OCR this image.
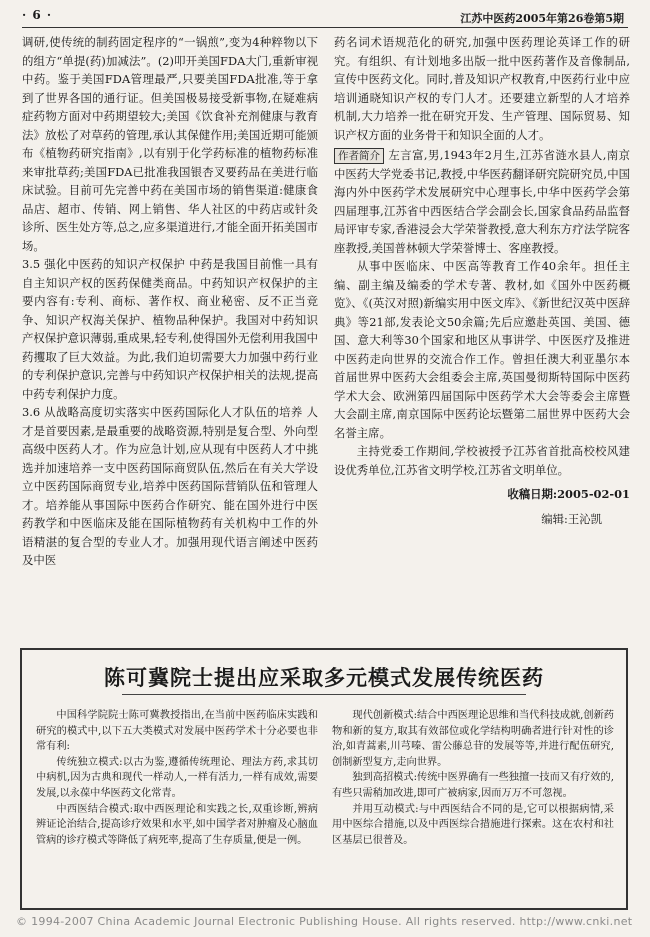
· 6 ·	江苏中医药2005年第26卷第5期

调研,使传统的制药固定程序的“一锅煎”,变为4种粹物以下的组方“单提(药)加减法”。(2)叩开美国FDA大门,重新审视中药。鉴于美国FDA管理最严,只要美国FDA批准,等于拿到了世界各国的通行证。但美国极易接受新事物,在疑难病症药物方面对中药期望较大;美国《饮食补充剂健康与教育法》放松了对草药的管理,承认其保健作用;美国近期可能颁布《植物药研究指南》,以有别于化学药标准的植物药标准来审批草药;美国FDA已批准我国银杏叉要药品在美进行临床试验。目前可先完善中药在美国市场的销售渠道:健康食品店、超市、传销、网上销售、华人社区的中药店或针灸诊所、医生处方等,总之,应多渠道进行,才能全面开拓美国市场。

3.5 强化中医药的知识产权保护 中药是我国目前惟一具有自主知识产权的医药保健类商品。中药知识产权保护的主要内容有:专利、商标、著作权、商业秘密、反不正当竞争、知识产权海关保护、植物品种保护。我国对中药知识产权保护意识薄弱,重成果,轻专利,使得国外无偿利用我国中药攫取了巨大效益。为此,我们迫切需要大力加强中药行业的专利保护意识,完善与中药知识产权保护相关的法规,提高中药专利保护力度。

3.6 从战略高度切实落实中医药国际化人才队伍的培养 人才是首要因素,是最重要的战略资源,特别是复合型、外向型高级中医药人才。作为应急计划,应从现有中医药人才中挑选并加速培养一支中医药国际商贸队伍,然后在有关大学设立中医药国际商贸专业,培养中医药国际营销队伍和管理人才。培养能从事国际中医药合作研究、能在国外进行中医药教学和中医临床及能在国际植物药有关机构中工作的外语精湛的复合型的专业人才。加强用现代语言阐述中医药及中医

药名词术语规范化的研究,加强中医药理论英译工作的研究。有组织、有计划地多出版一批中医药著作及音像制品,宣传中医药文化。同时,普及知识产权教育,中医药行业中应培训通晓知识产权的专门人才。还要建立新型的人才培养机制,大力培养一批在研究开发、生产管理、国际贸易、知识产权方面的业务骨干和知识全面的人才。

作者简介 左言富,男,1943年2月生,江苏省涟水县人,南京中医药大学党委书记,教授,中华医药翻译研究院研究员,中国海内外中医药学术发展研究中心理事长,中华中医药学会第四届理事,江苏省中西医结合学会副会长,国家食品药品监督局评审专家,香港浸会大学荣誉教授,意大利东方疗法学院客座教授,美国普林顿大学荣誉博士、客座教授。

从事中医临床、中医高等教育工作40余年。担任主编、副主编及编委的学术专著、教材,如《国外中医药概览》、《(英汉对照)新编实用中医文库》、《新世纪汉英中医辞典》等21部,发表论文50余篇;先后应邀赴英国、美国、德国、意大利等30个国家和地区从事讲学、中医医疗及推进中医药走向世界的交流合作工作。曾担任澳大利亚墨尔本首届世界中医药大会组委会主席,英国曼彻斯特国际中医药学术大会、欧洲第四届国际中医药学术大会等委会主席暨大会副主席,南京国际中医药论坛暨第二届世界中医药大会名誉主席。

主持党委工作期间,学校被授予江苏省首批高校校风建设优秀单位,江苏省文明学校,江苏省文明单位。

收稿日期:2005-02-01

编辑:王沁凯

陈可冀院士提出应采取多元模式发展传统医药

中国科学院院士陈可冀教授指出,在当前中医药临床实践和研究的模式中,以下五大类模式对发展中医药学术十分必要也非常有利:

传统独立模式:以古为鉴,遵循传统理论、理法方药,求其切中病机,因为古典和现代一样动人,一样有活力,一样有成效,需要发展,以永葆中华医药文化常青。

中西医结合模式:取中西医理论和实践之长,双重诊断,辨病辨证论治结合,提高诊疗效果和水平,如中国学者对肿瘤及心脑血管病的诊疗模式等降低了病死率,提高了生存质量,便是一例。

现代创新模式:结合中西医理论思维和当代科技成就,创新药物和新的复方,取其有效部位或化学结构明确者进行针对性的诊治,如青蒿素,川芎嗪、雷公藤总苷的发展等等,并进行配伍研究,创制新型复方,走向世界。

独到高招模式:传统中医界确有一些独擅一技而又有疗效的,有些只需稍加改进,即可广被病家,因而万万不可忽视。

并用互动模式:与中西医结合不同的是,它可以根据病情,采用中医综合措施,以及中西医综合措施进行探索。这在农村和社区基层已很普及。

© 1994-2007 China Academic Journal Electronic Publishing House. All rights reserved. http://www.cnki.net
